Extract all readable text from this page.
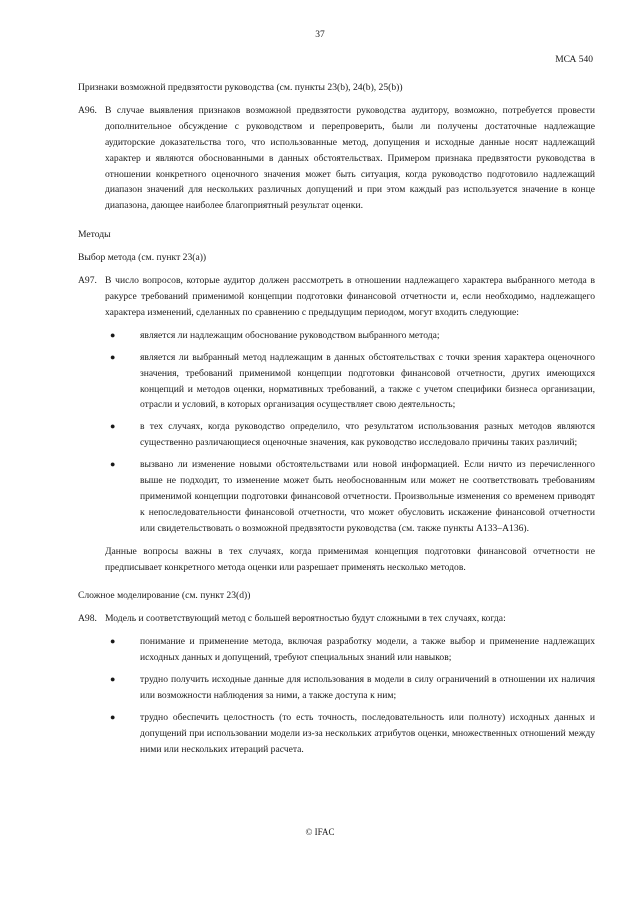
37
МСА 540
Признаки возможной предвзятости руководства (см. пункты 23(b), 24(b), 25(b))
A96. В случае выявления признаков возможной предвзятости руководства аудитору, возможно, потребуется провести дополнительное обсуждение с руководством и перепроверить, были ли получены достаточные надлежащие аудиторские доказательства того, что использованные метод, допущения и исходные данные носят надлежащий характер и являются обоснованными в данных обстоятельствах. Примером признака предвзятости руководства в отношении конкретного оценочного значения может быть ситуация, когда руководство подготовило надлежащий диапазон значений для нескольких различных допущений и при этом каждый раз используется значение в конце диапазона, дающее наиболее благоприятный результат оценки.
Методы
Выбор метода (см. пункт 23(a))
A97. В число вопросов, которые аудитор должен рассмотреть в отношении надлежащего характера выбранного метода в ракурсе требований применимой концепции подготовки финансовой отчетности и, если необходимо, надлежащего характера изменений, сделанных по сравнению с предыдущим периодом, могут входить следующие:
●	является ли надлежащим обоснование руководством выбранного метода;
●	является ли выбранный метод надлежащим в данных обстоятельствах с точки зрения характера оценочного значения, требований применимой концепции подготовки финансовой отчетности, других имеющихся концепций и методов оценки, нормативных требований, а также с учетом специфики бизнеса организации, отрасли и условий, в которых организация осуществляет свою деятельность;
●	в тех случаях, когда руководство определило, что результатом использования разных методов являются существенно различающиеся оценочные значения, как руководство исследовало причины таких различий;
●	вызвано ли изменение новыми обстоятельствами или новой информацией. Если ничто из перечисленного выше не подходит, то изменение может быть необоснованным или может не соответствовать требованиям применимой концепции подготовки финансовой отчетности. Произвольные изменения со временем приводят к непоследовательности финансовой отчетности, что может обусловить искажение финансовой отчетности или свидетельствовать о возможной предвзятости руководства (см. также пункты A133–A136).
Данные вопросы важны в тех случаях, когда применимая концепция подготовки финансовой отчетности не предписывает конкретного метода оценки или разрешает применять несколько методов.
Сложное моделирование (см. пункт 23(d))
A98. Модель и соответствующий метод с большей вероятностью будут сложными в тех случаях, когда:
●	понимание и применение метода, включая разработку модели, а также выбор и применение надлежащих исходных данных и допущений, требуют специальных знаний или навыков;
●	трудно получить исходные данные для использования в модели в силу ограничений в отношении их наличия или возможности наблюдения за ними, а также доступа к ним;
●	трудно обеспечить целостность (то есть точность, последовательность или полноту) исходных данных и допущений при использовании модели из-за нескольких атрибутов оценки, множественных отношений между ними или нескольких итераций расчета.
© IFAC
